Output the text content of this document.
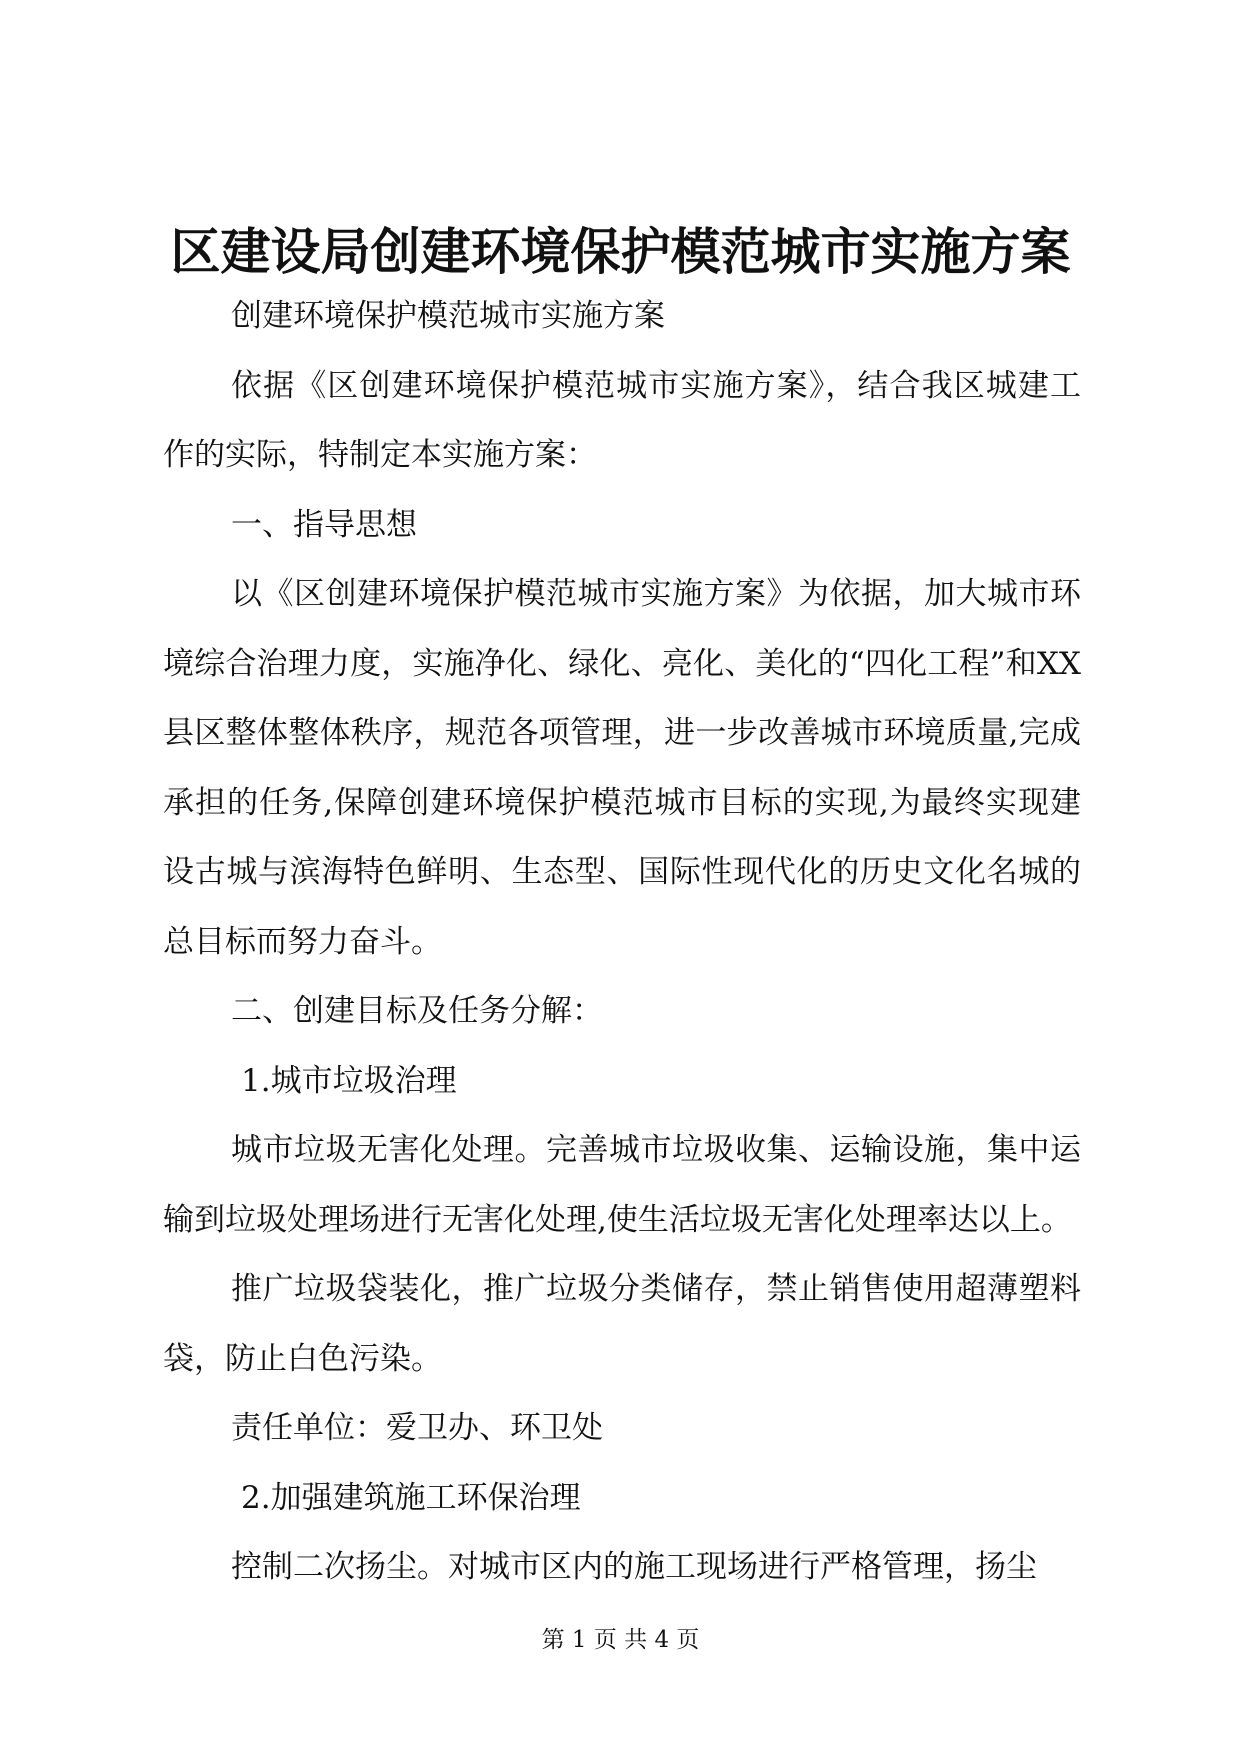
区建设局创建环境保护模范城市实施方案

创建环境保护模范城市实施方案

依据《区创建环境保护模范城市实施方案》，结合我区城建工作的实际，特制定本实施方案：

一、指导思想

以《区创建环境保护模范城市实施方案》为依据，加大城市环境综合治理力度，实施净化、绿化、亮化、美化的“四化工程”和XX县区整体整体秩序，规范各项管理，进一步改善城市环境质量,完成承担的任务,保障创建环境保护模范城市目标的实现,为最终实现建设古城与滨海特色鲜明、生态型、国际性现代化的历史文化名城的总目标而努力奋斗。

二、创建目标及任务分解：

1.城市垃圾治理

城市垃圾无害化处理。完善城市垃圾收集、运输设施，集中运输到垃圾处理场进行无害化处理,使生活垃圾无害化处理率达以上。

推广垃圾袋装化，推广垃圾分类储存，禁止销售使用超薄塑料袋，防止白色污染。

责任单位：爱卫办、环卫处

2.加强建筑施工环保治理

控制二次扬尘。对城市区内的施工现场进行严格管理，扬尘

第 1 页 共 4 页
